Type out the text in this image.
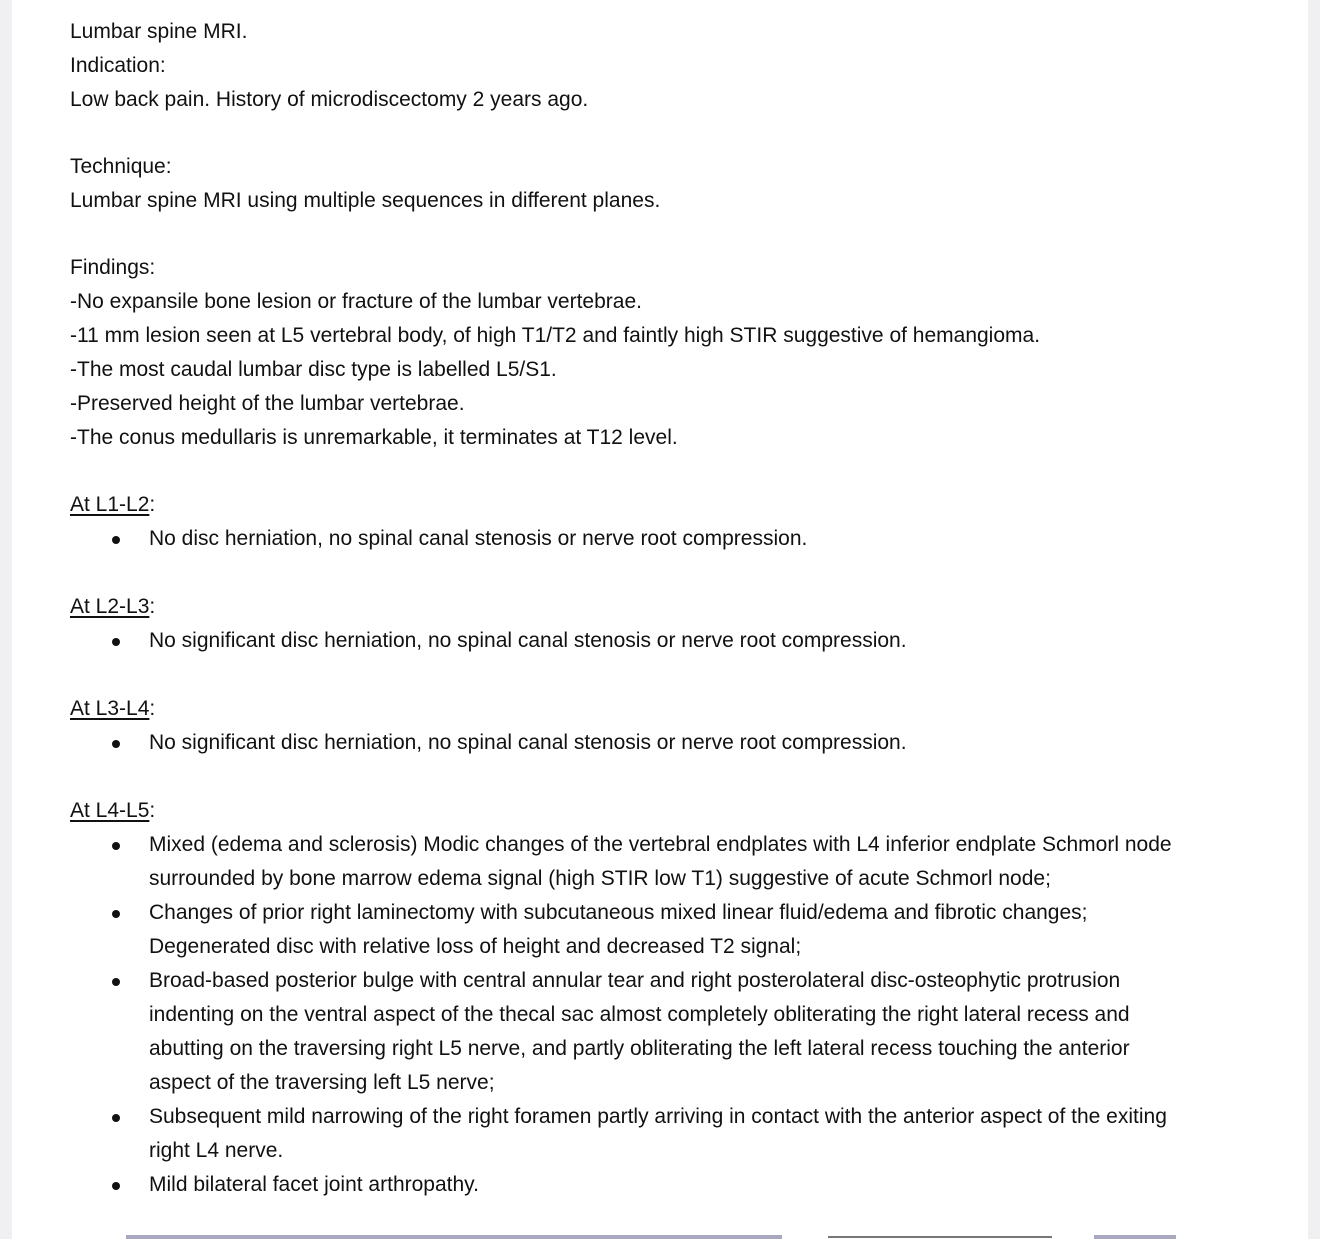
Lumbar spine MRI.

Indication:

Low back pain. History of microdiscectomy 2 years ago.

Technique:

Lumbar spine MRI using multiple sequences in different planes.

Findings:

-No expansile bone lesion or fracture of the lumbar vertebrae.

-11 mm lesion seen at L5 vertebral body, of high T1/T2 and faintly high STIR suggestive of hemangioma.

-The most caudal lumbar disc type is labelled L5/S1.

-Preserved height of the lumbar vertebrae.

-The conus medullaris is unremarkable, it terminates at T12 level.

At L1-L2:

No disc herniation, no spinal canal stenosis or nerve root compression.

At L2-L3:

No significant disc herniation, no spinal canal stenosis or nerve root compression.

At L3-L4:

No significant disc herniation, no spinal canal stenosis or nerve root compression.

At L4-L5:

Mixed (edema and sclerosis) Modic changes of the vertebral endplates with L4 inferior endplate Schmorl node
surrounded by bone marrow edema signal (high STIR low T1) suggestive of acute Schmorl node;
Changes of prior right laminectomy with subcutaneous mixed linear fluid/edema and fibrotic changes;
Degenerated disc with relative loss of height and decreased T2 signal;
Broad-based posterior bulge with central annular tear and right posterolateral disc-osteophytic protrusion
indenting on the ventral aspect of the thecal sac almost completely obliterating the right lateral recess and
abutting on the traversing right L5 nerve, and partly obliterating the left lateral recess touching the anterior
aspect of the traversing left L5 nerve;
Subsequent mild narrowing of the right foramen partly arriving in contact with the anterior aspect of the exiting
right L4 nerve.
Mild bilateral facet joint arthropathy.
